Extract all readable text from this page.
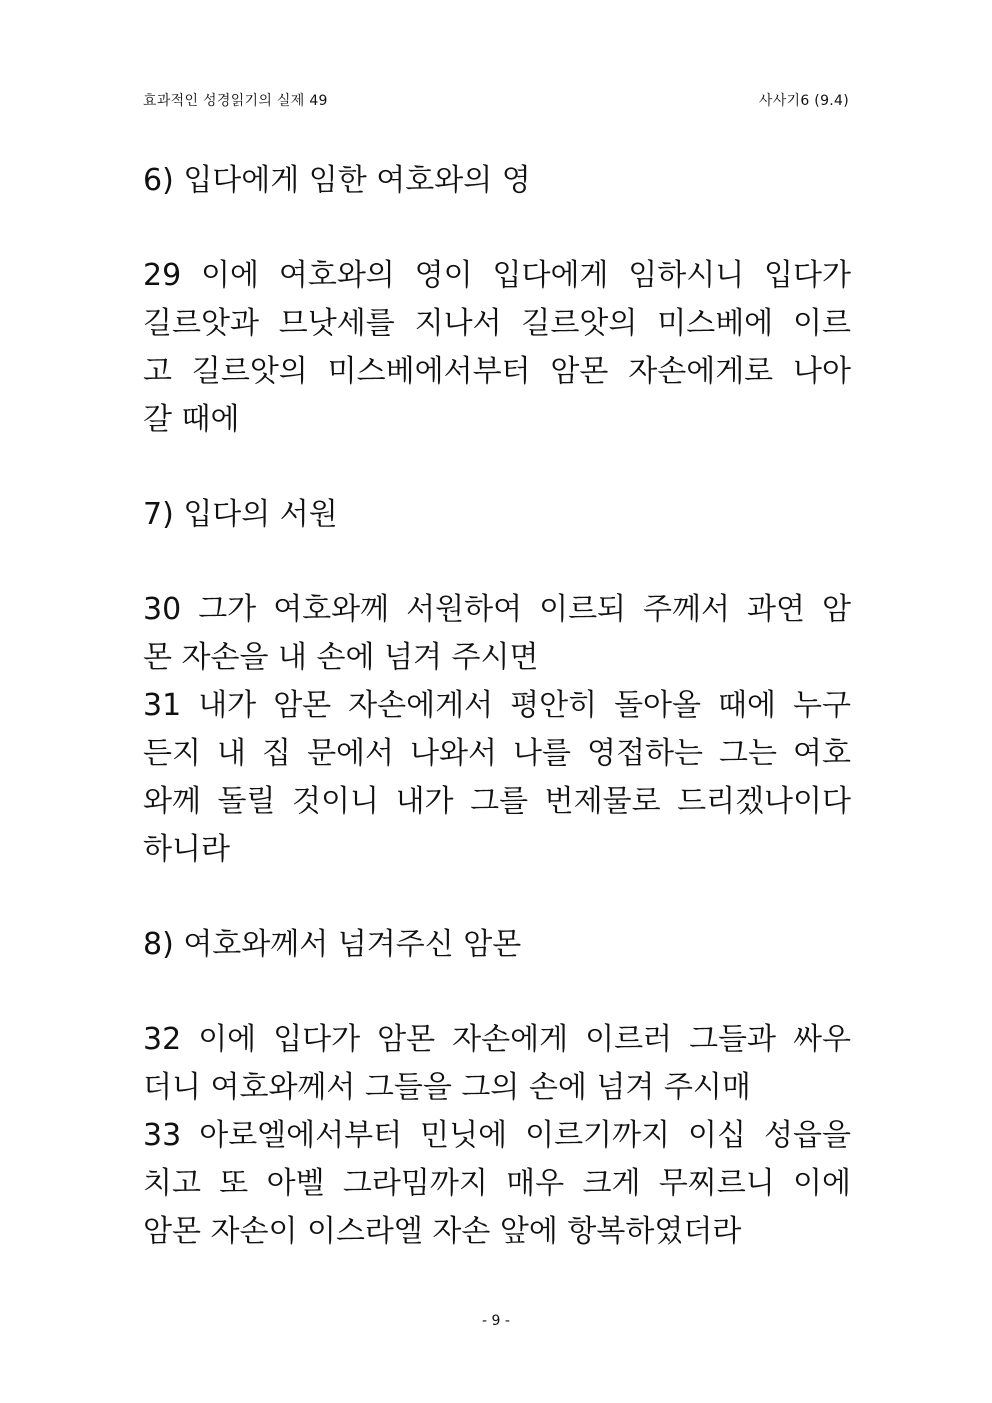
효과적인 성경읽기의 실제 49	사사기6 (9.4)
6) 입다에게 임한 여호와의 영
29 이에 여호와의 영이 입다에게 임하시니 입다가
길르앗과 므낫세를 지나서 길르앗의 미스베에 이르
고 길르앗의 미스베에서부터 암몬 자손에게로 나아
갈 때에
7) 입다의 서원
30 그가 여호와께 서원하여 이르되 주께서 과연 암
몬 자손을 내 손에 넘겨 주시면
31 내가 암몬 자손에게서 평안히 돌아올 때에 누구
든지 내 집 문에서 나와서 나를 영접하는 그는 여호
와께 돌릴 것이니 내가 그를 번제물로 드리겠나이다
하니라
8) 여호와께서 넘겨주신 암몬
32 이에 입다가 암몬 자손에게 이르러 그들과 싸우
더니 여호와께서 그들을 그의 손에 넘겨 주시매
33 아로엘에서부터 민닛에 이르기까지 이십 성읍을
치고 또 아벨 그라밈까지 매우 크게 무찌르니 이에
암몬 자손이 이스라엘 자손 앞에 항복하였더라
- 9 -
